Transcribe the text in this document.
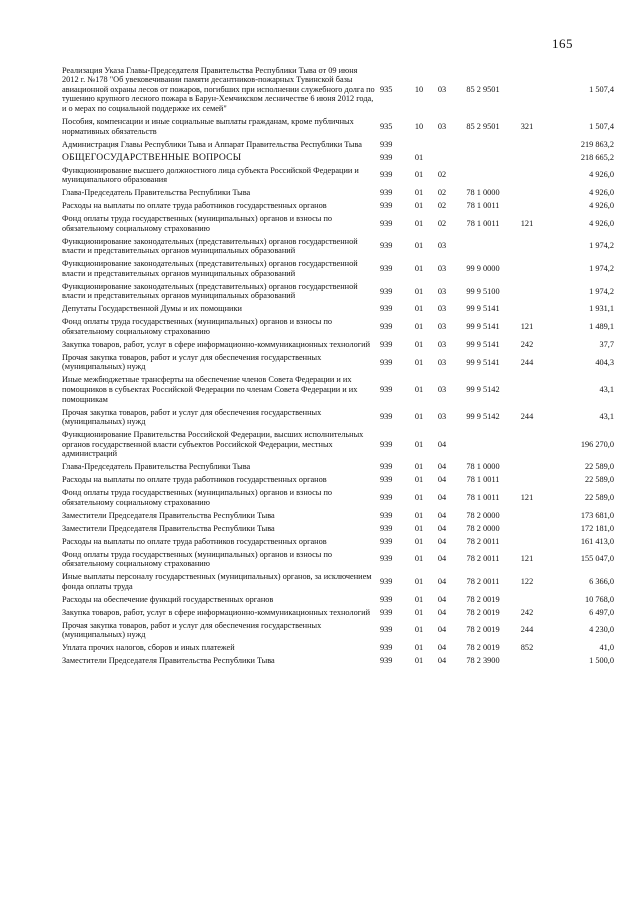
165
Реализация Указа Главы-Председателя Правительства Республики Тыва от 09 июня 2012 г. №178 "Об увековечивании памяти десантников-пожарных Тувинской базы авиационной охраны лесов от пожаров, погибших при исполнении служебного долга по тушению крупного лесного пожара в Барун-Хемчикском лесничестве 6 июня 2012 года, и о мерах по социальной поддержке их семей"	935	10	03	85 2 9501		1 507,4
Пособия, компенсации и иные социальные выплаты гражданам, кроме публичных нормативных обязательств	935	10	03	85 2 9501	321	1 507,4
Администрация Главы Республики Тыва и Аппарат Правительства Республики Тыва	939					219 863,2
ОБЩЕГОСУДАРСТВЕННЫЕ ВОПРОСЫ	939	01				218 665,2
Функционирование высшего должностного лица субъекта Российской Федерации и муниципального образования	939	01	02			4 926,0
Глава-Председатель Правительства Республики Тыва	939	01	02	78 1 0000		4 926,0
Расходы на выплаты по оплате труда работников государственных органов	939	01	02	78 1 0011		4 926,0
Фонд оплаты труда государственных (муниципальных) органов и взносы по обязательному социальному страхованию	939	01	02	78 1 0011	121	4 926,0
Функционирование законодательных (представительных) органов государственной власти и представительных органов муниципальных образований	939	01	03			1 974,2
Функционирование законодательных (представительных) органов государственной власти и представительных органов муниципальных образований	939	01	03	99 9 0000		1 974,2
Функционирование законодательных (представительных) органов государственной власти и представительных органов муниципальных образований	939	01	03	99 9 5100		1 974,2
Депутаты Государственной Думы и их помощники	939	01	03	99 9 5141		1 931,1
Фонд оплаты труда государственных (муниципальных) органов и взносы по обязательному социальному страхованию	939	01	03	99 9 5141	121	1 489,1
Закупка товаров, работ, услуг в сфере информационно-коммуникационных технологий	939	01	03	99 9 5141	242	37,7
Прочая закупка товаров, работ и услуг для обеспечения государственных (муниципальных) нужд	939	01	03	99 9 5141	244	404,3
Иные межбюджетные трансферты на обеспечение членов Совета Федерации и их помощников в субъектах Российской Федерации по членам Совета Федерации и их помощникам	939	01	03	99 9 5142		43,1
Прочая закупка товаров, работ и услуг для обеспечения государственных (муниципальных) нужд	939	01	03	99 9 5142	244	43,1
Функционирование Правительства Российской Федерации, высших исполнительных органов государственной власти субъектов Российской Федерации, местных администраций	939	01	04			196 270,0
Глава-Председатель Правительства Республики Тыва	939	01	04	78 1 0000		22 589,0
Расходы на выплаты по оплате труда работников государственных органов	939	01	04	78 1 0011		22 589,0
Фонд оплаты труда государственных (муниципальных) органов и взносы по обязательному социальному страхованию	939	01	04	78 1 0011	121	22 589,0
Заместители Председателя Правительства Республики Тыва	939	01	04	78 2 0000		173 681,0
Заместители Председателя Правительства Республики Тыва	939	01	04	78 2 0000		172 181,0
Расходы на выплаты по оплате труда работников государственных органов	939	01	04	78 2 0011		161 413,0
Фонд оплаты труда государственных (муниципальных) органов и взносы по обязательному социальному страхованию	939	01	04	78 2 0011	121	155 047,0
Иные выплаты персоналу государственных (муниципальных) органов, за исключением фонда оплаты труда	939	01	04	78 2 0011	122	6 366,0
Расходы на обеспечение функций государственных органов	939	01	04	78 2 0019		10 768,0
Закупка товаров, работ, услуг в сфере информационно-коммуникационных технологий	939	01	04	78 2 0019	242	6 497,0
Прочая закупка товаров, работ и услуг для обеспечения государственных (муниципальных) нужд	939	01	04	78 2 0019	244	4 230,0
Уплата прочих налогов, сборов и иных платежей	939	01	04	78 2 0019	852	41,0
Заместители Председателя Правительства Республики Тыва	939	01	04	78 2 3900		1 500,0
